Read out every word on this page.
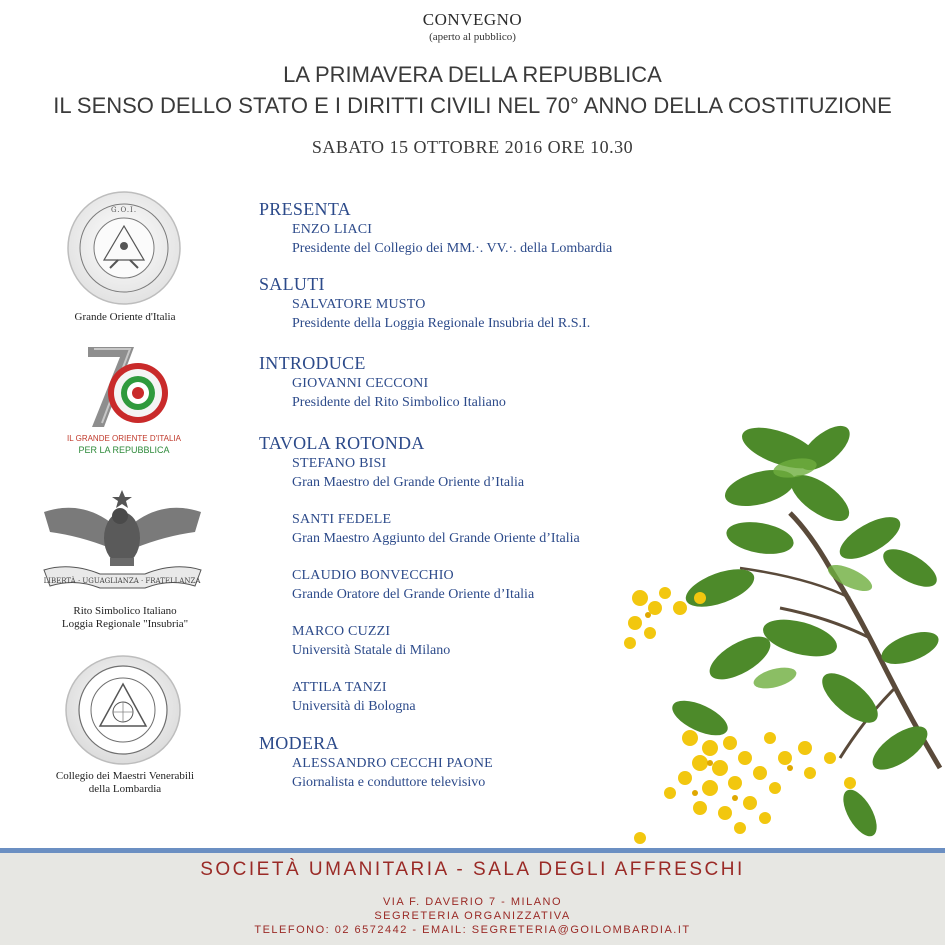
CONVEGNO
(aperto al pubblico)
LA PRIMAVERA DELLA REPUBBLICA
IL SENSO DELLO STATO E I DIRITTI CIVILI NEL 70° ANNO DELLA COSTITUZIONE
SABATO 15 OTTOBRE 2016 ORE 10.30
G.O.I.
Grande Oriente d'Italia
IL GRANDE ORIENTE D'ITALIA
PER LA REPUBBLICA
LIBERTÀ · UGUAGLIANZA · FRATELLANZA
Rito Simbolico Italiano
Loggia Regionale "Insubria"
Collegio dei Maestri Venerabili
della Lombardia
PRESENTA
ENZO LIACI
Presidente del Collegio dei MM.·. VV.·. della Lombardia
SALUTI
SALVATORE MUSTO
Presidente della Loggia Regionale Insubria del R.S.I.
INTRODUCE
GIOVANNI CECCONI
Presidente del Rito Simbolico Italiano
TAVOLA ROTONDA
STEFANO BISI
Gran Maestro del Grande Oriente d’Italia
SANTI FEDELE
Gran Maestro Aggiunto del Grande Oriente d’Italia
CLAUDIO BONVECCHIO
Grande Oratore del Grande Oriente d’Italia
MARCO CUZZI
Università Statale di Milano
ATTILA TANZI
Università di Bologna
MODERA
ALESSANDRO CECCHI PAONE
Giornalista e conduttore televisivo
SOCIETÀ UMANITARIA - SALA DEGLI AFFRESCHI
VIA F. DAVERIO 7 - MILANO
SEGRETERIA ORGANIZZATIVA
TELEFONO: 02 6572442 - EMAIL: SEGRETERIA@GOILOMBARDIA.IT
